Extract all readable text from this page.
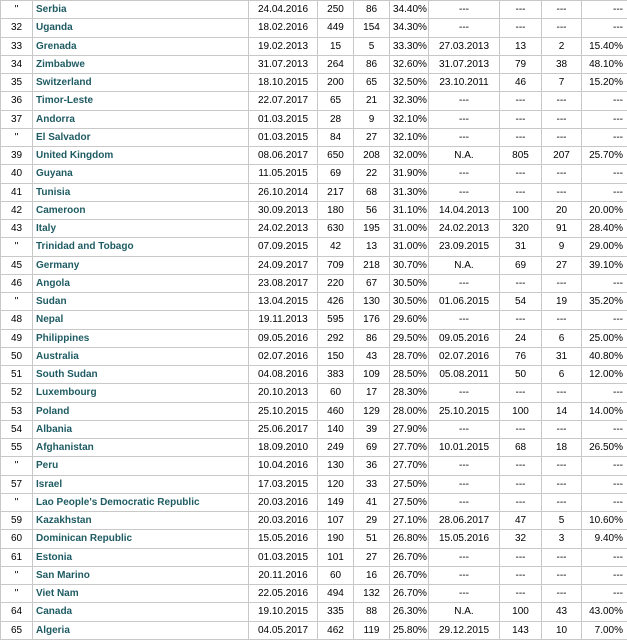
"	Serbia	24.04.2016	250	86	34.40%	---	---	---	---
32	Uganda	18.02.2016	449	154	34.30%	---	---	---	---
33	Grenada	19.02.2013	15	5	33.30%	27.03.2013	13	2	15.40%
34	Zimbabwe	31.07.2013	264	86	32.60%	31.07.2013	79	38	48.10%
35	Switzerland	18.10.2015	200	65	32.50%	23.10.2011	46	7	15.20%
36	Timor-Leste	22.07.2017	65	21	32.30%	---	---	---	---
37	Andorra	01.03.2015	28	9	32.10%	---	---	---	---
"	El Salvador	01.03.2015	84	27	32.10%	---	---	---	---
39	United Kingdom	08.06.2017	650	208	32.00%	N.A.	805	207	25.70%
40	Guyana	11.05.2015	69	22	31.90%	---	---	---	---
41	Tunisia	26.10.2014	217	68	31.30%	---	---	---	---
42	Cameroon	30.09.2013	180	56	31.10%	14.04.2013	100	20	20.00%
43	Italy	24.02.2013	630	195	31.00%	24.02.2013	320	91	28.40%
"	Trinidad and Tobago	07.09.2015	42	13	31.00%	23.09.2015	31	9	29.00%
45	Germany	24.09.2017	709	218	30.70%	N.A.	69	27	39.10%
46	Angola	23.08.2017	220	67	30.50%	---	---	---	---
"	Sudan	13.04.2015	426	130	30.50%	01.06.2015	54	19	35.20%
48	Nepal	19.11.2013	595	176	29.60%	---	---	---	---
49	Philippines	09.05.2016	292	86	29.50%	09.05.2016	24	6	25.00%
50	Australia	02.07.2016	150	43	28.70%	02.07.2016	76	31	40.80%
51	South Sudan	04.08.2016	383	109	28.50%	05.08.2011	50	6	12.00%
52	Luxembourg	20.10.2013	60	17	28.30%	---	---	---	---
53	Poland	25.10.2015	460	129	28.00%	25.10.2015	100	14	14.00%
54	Albania	25.06.2017	140	39	27.90%	---	---	---	---
55	Afghanistan	18.09.2010	249	69	27.70%	10.01.2015	68	18	26.50%
"	Peru	10.04.2016	130	36	27.70%	---	---	---	---
57	Israel	17.03.2015	120	33	27.50%	---	---	---	---
"	Lao People's Democratic Republic	20.03.2016	149	41	27.50%	---	---	---	---
59	Kazakhstan	20.03.2016	107	29	27.10%	28.06.2017	47	5	10.60%
60	Dominican Republic	15.05.2016	190	51	26.80%	15.05.2016	32	3	9.40%
61	Estonia	01.03.2015	101	27	26.70%	---	---	---	---
"	San Marino	20.11.2016	60	16	26.70%	---	---	---	---
"	Viet Nam	22.05.2016	494	132	26.70%	---	---	---	---
64	Canada	19.10.2015	335	88	26.30%	N.A.	100	43	43.00%
65	Algeria	04.05.2017	462	119	25.80%	29.12.2015	143	10	7.00%
